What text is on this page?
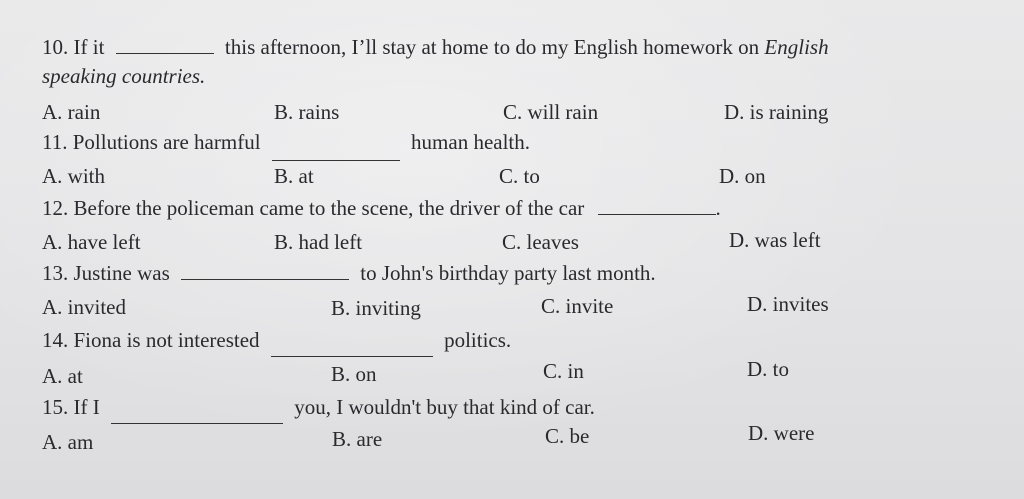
10. If it	this afternoon, I’ll stay at home to do my English homework on English
speaking countries.
A. rain	B. rains	C. will rain	D. is raining
11. Pollutions are harmful	human health.
A. with	B. at	C. to	D. on
12. Before the policeman came to the scene, the driver of the car	.
A. have left	B. had left	C. leaves	D. was left
13. Justine was	to John's birthday party last month.
A. invited	B. inviting	C. invite	D. invites
14. Fiona is not interested	politics.
A. at	B. on	C. in	D. to
15. If I	you, I wouldn't buy that kind of car.
A. am	B. are	C. be	D. were
